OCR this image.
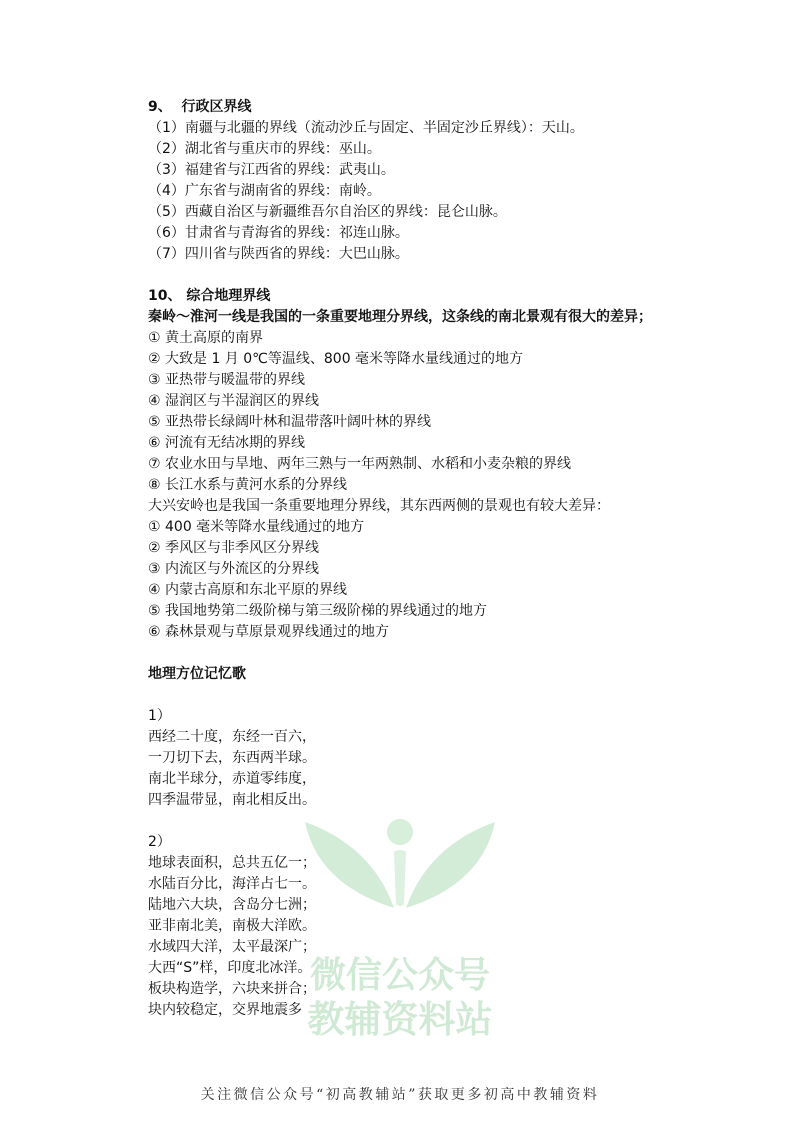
微信公众号
教辅资料站
9、  行政区界线
（1）南疆与北疆的界线（流动沙丘与固定、半固定沙丘界线）：天山。
（2）湖北省与重庆市的界线：巫山。
（3）福建省与江西省的界线：武夷山。
（4）广东省与湖南省的界线：南岭。
（5）西藏自治区与新疆维吾尔自治区的界线：昆仑山脉。
（6）甘肃省与青海省的界线：祁连山脉。
（7）四川省与陕西省的界线：大巴山脉。
10、 综合地理界线
秦岭～淮河一线是我国的一条重要地理分界线，这条线的南北景观有很大的差异；
① 黄土高原的南界
② 大致是 1 月 0℃等温线、800 毫米等降水量线通过的地方
③ 亚热带与暖温带的界线
④ 湿润区与半湿润区的界线
⑤ 亚热带长绿阔叶林和温带落叶阔叶林的界线
⑥ 河流有无结冰期的界线
⑦ 农业水田与旱地、两年三熟与一年两熟制、水稻和小麦杂粮的界线
⑧ 长江水系与黄河水系的分界线
大兴安岭也是我国一条重要地理分界线，其东西两侧的景观也有较大差异：
① 400 毫米等降水量线通过的地方
② 季风区与非季风区分界线
③ 内流区与外流区的分界线
④ 内蒙古高原和东北平原的界线
⑤ 我国地势第二级阶梯与第三级阶梯的界线通过的地方
⑥ 森林景观与草原景观界线通过的地方
地理方位记忆歌
1）
西经二十度，东经一百六，
一刀切下去，东西两半球。
南北半球分，赤道零纬度，
四季温带显，南北相反出。
2）
地球表面积，总共五亿一；
水陆百分比，海洋占七一。
陆地六大块，含岛分七洲；
亚非南北美，南极大洋欧。
水域四大洋，太平最深广；
大西“S”样，印度北冰洋。
板块构造学，六块来拼合；
块内较稳定，交界地震多
关注微信公众号“初高教辅站”获取更多初高中教辅资料
